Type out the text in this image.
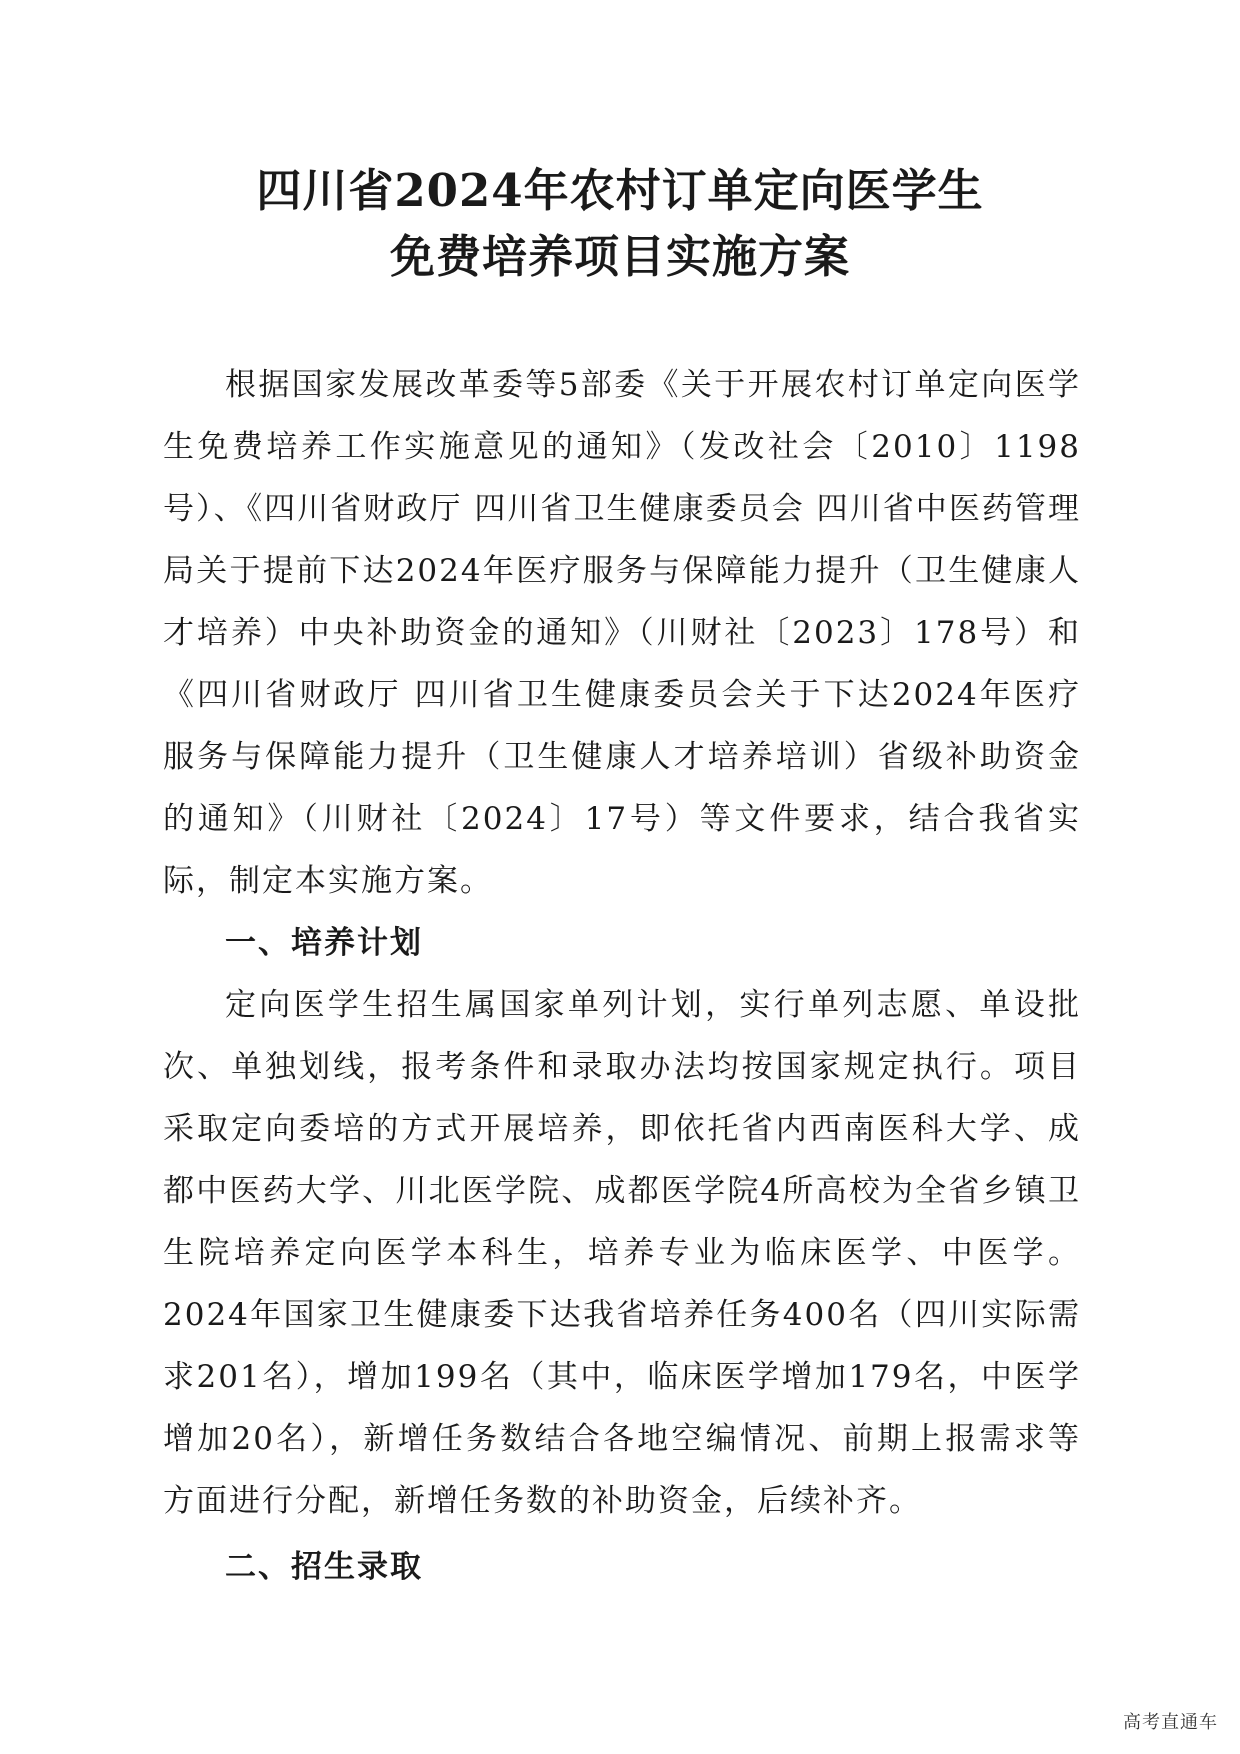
四川省2024年农村订单定向医学生
免费培养项目实施方案

根据国家发展改革委等5部委《关于开展农村订单定向医学生免费培养工作实施意见的通知》（发改社会〔2010〕1198号）、《四川省财政厅 四川省卫生健康委员会 四川省中医药管理局关于提前下达2024年医疗服务与保障能力提升（卫生健康人才培养）中央补助资金的通知》（川财社〔2023〕178号）和《四川省财政厅 四川省卫生健康委员会关于下达2024年医疗服务与保障能力提升（卫生健康人才培养培训）省级补助资金的通知》（川财社〔2024〕17号）等文件要求，结合我省实际，制定本实施方案。

一、培养计划

定向医学生招生属国家单列计划，实行单列志愿、单设批次、单独划线，报考条件和录取办法均按国家规定执行。项目采取定向委培的方式开展培养，即依托省内西南医科大学、成都中医药大学、川北医学院、成都医学院4所高校为全省乡镇卫生院培养定向医学本科生，培养专业为临床医学、中医学。2024年国家卫生健康委下达我省培养任务400名（四川实际需求201名），增加199名（其中，临床医学增加179名，中医学增加20名），新增任务数结合各地空编情况、前期上报需求等方面进行分配，新增任务数的补助资金，后续补齐。

二、招生录取

高考直通车
